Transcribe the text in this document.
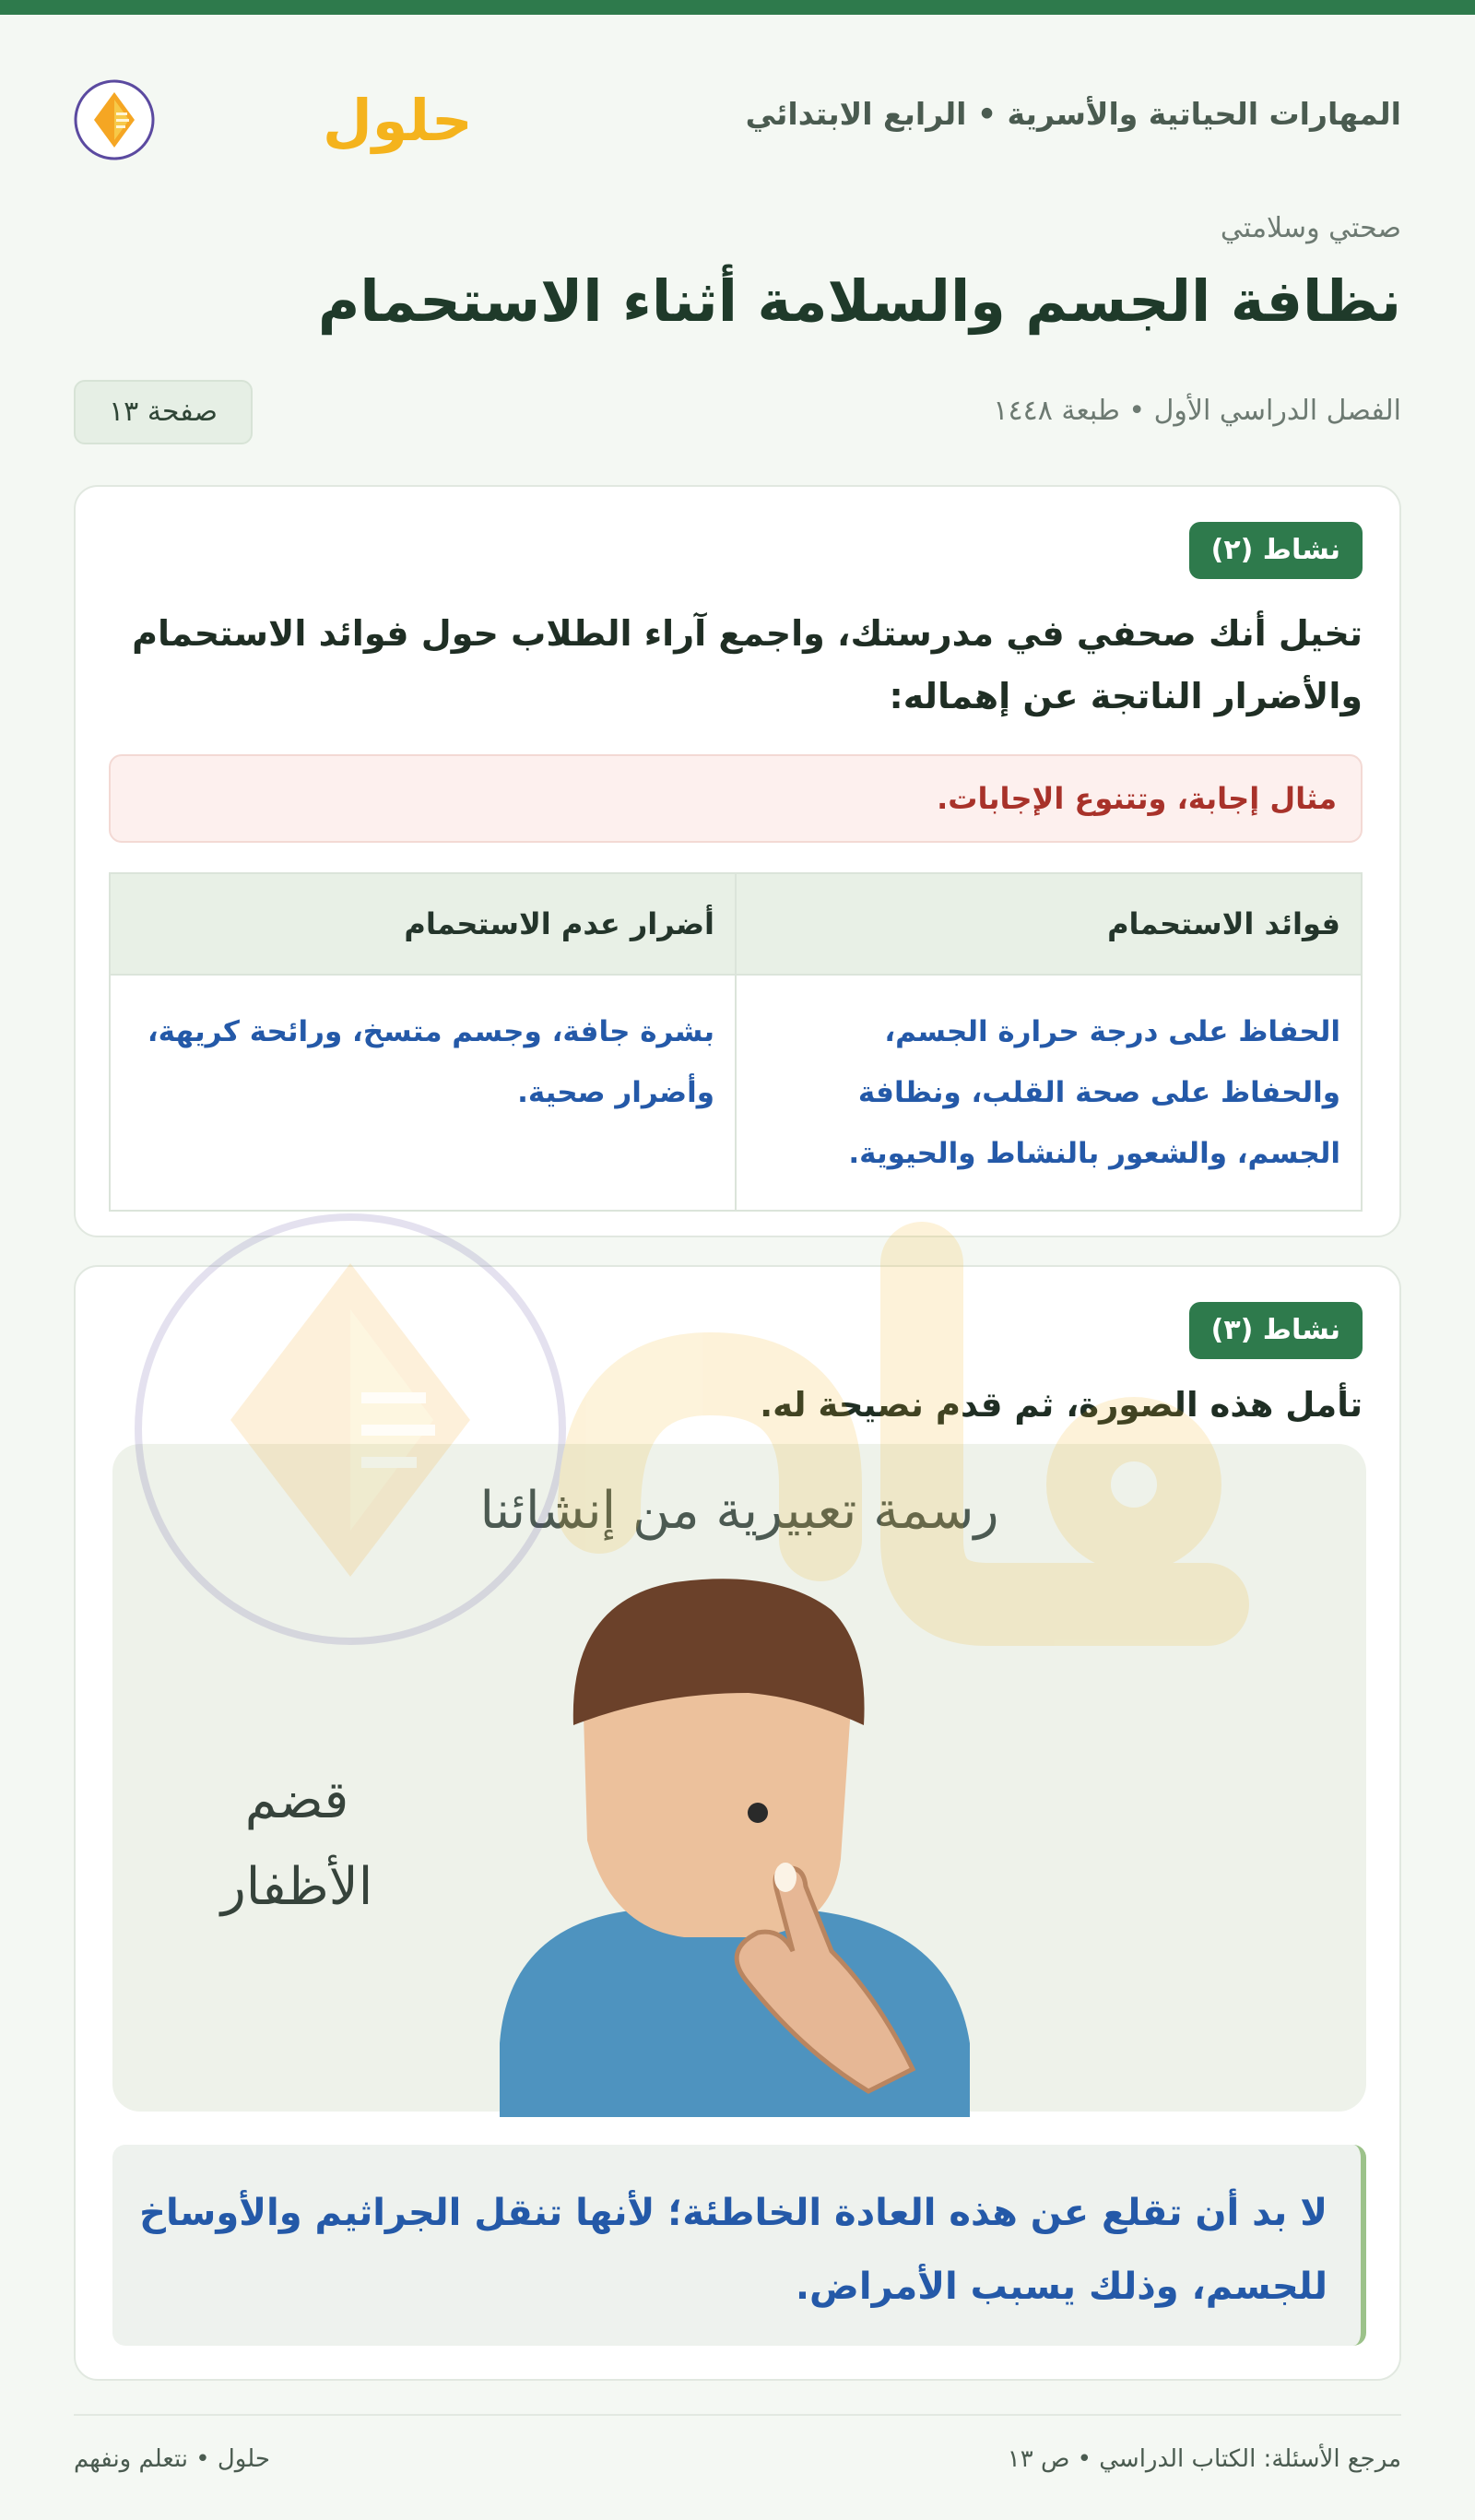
المهارات الحياتية والأسرية • الرابع الابتدائي
حلول
صحتي وسلامتي
نظافة الجسم والسلامة أثناء الاستحمام
الفصل الدراسي الأول • طبعة ١٤٤٨
صفحة ١٣
نشاط (٢)
تخيل أنك صحفي في مدرستك، واجمع آراء الطلاب حول فوائد الاستحمام والأضرار الناتجة عن إهماله:
مثال إجابة، وتتنوع الإجابات.
فوائد الاستحمام	أضرار عدم الاستحمام
الحفاظ على درجة حرارة الجسم، والحفاظ على صحة القلب، ونظافة الجسم، والشعور بالنشاط والحيوية.	بشرة جافة، وجسم متسخ، ورائحة كريهة، وأضرار صحية.
نشاط (٣)
تأمل هذه الصورة، ثم قدم نصيحة له.
رسمة تعبيرية من إنشائنا
قضم
الأظفار
لا بد أن تقلع عن هذه العادة الخاطئة؛ لأنها تنقل الجراثيم والأوساخ للجسم، وذلك يسبب الأمراض.
مرجع الأسئلة: الكتاب الدراسي • ص ١٣
حلول • نتعلم ونفهم
